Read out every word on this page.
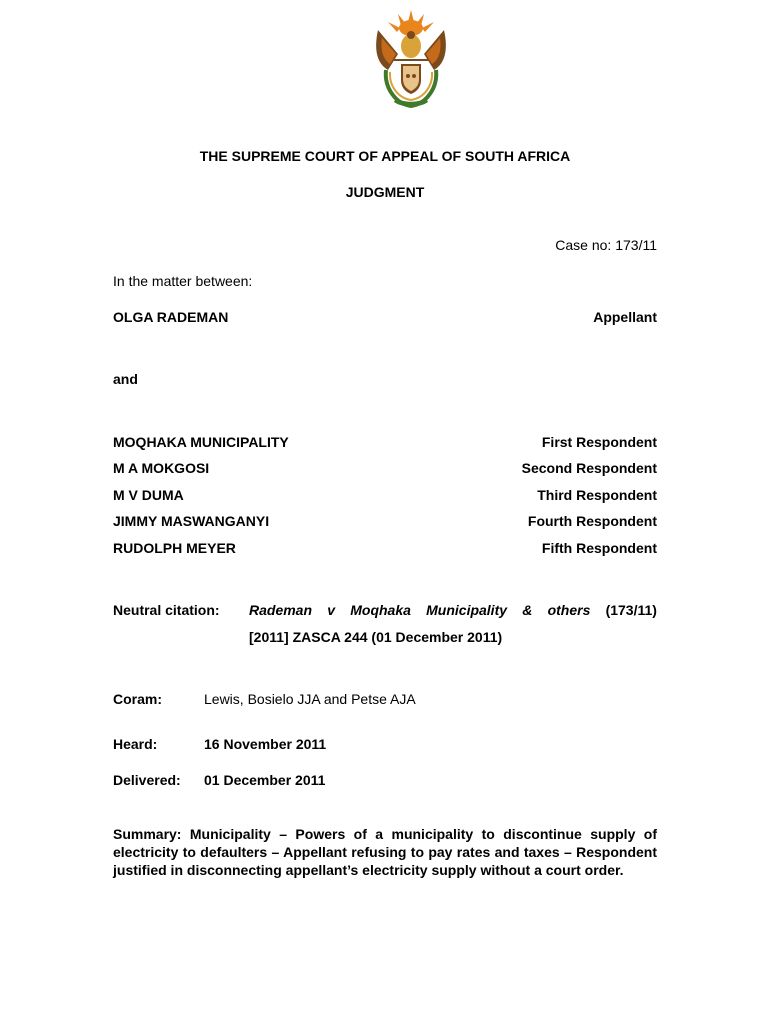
THE SUPREME COURT OF APPEAL OF SOUTH AFRICA
JUDGMENT
Case no: 173/11
In the matter between:
OLGA RADEMAN	Appellant
and
MOQHAKA MUNICIPALITY	First Respondent
M A MOKGOSI	Second Respondent
M V DUMA	Third Respondent
JIMMY MASWANGANYI	Fourth Respondent
RUDOLPH MEYER	Fifth Respondent
Neutral citation: Rademan v Moqhaka Municipality & others (173/11)
[2011] ZASCA 244 (01 December 2011)
Coram:	Lewis, Bosielo JJA and Petse AJA
Heard:	16 November 2011
Delivered: 01 December 2011
Summary: Municipality – Powers of a municipality to discontinue supply of electricity to defaulters – Appellant refusing to pay rates and taxes – Respondent justified in disconnecting appellant’s electricity supply without a court order.
